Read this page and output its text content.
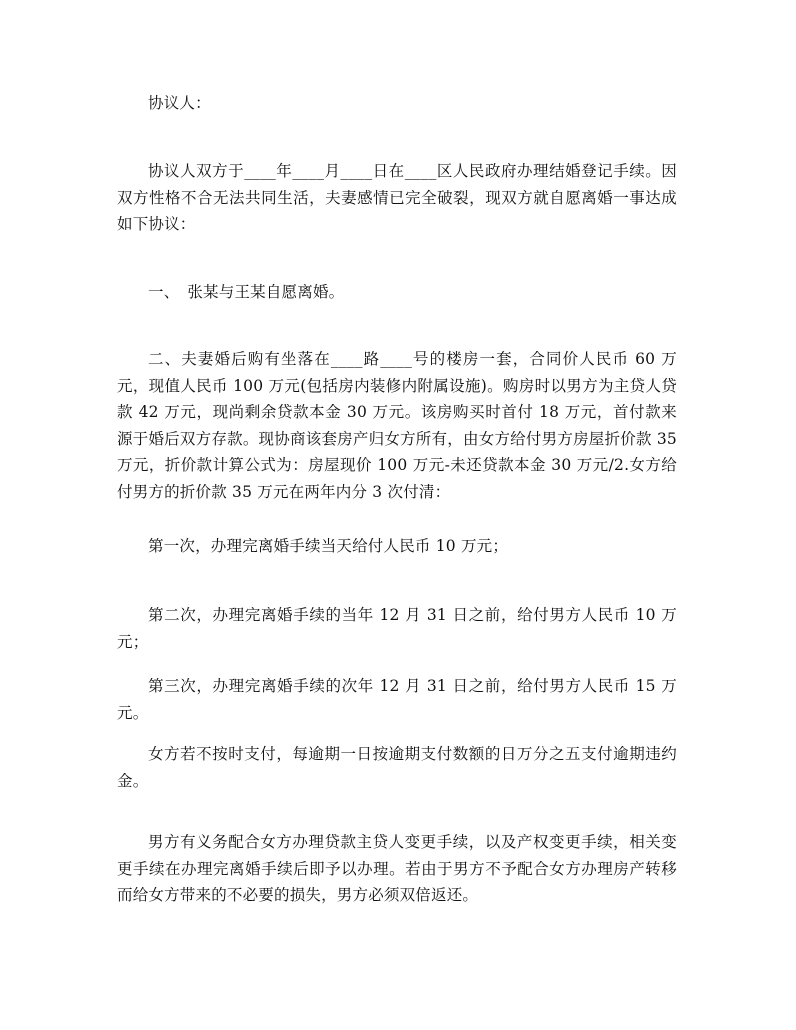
协议人：

协议人双方于____年____月____日在____区人民政府办理结婚登记手续。因双方性格不合无法共同生活，夫妻感情已完全破裂，现双方就自愿离婚一事达成如下协议：

一、　张某与王某自愿离婚。

二、夫妻婚后购有坐落在____路____号的楼房一套，合同价人民币 60 万元，现值人民币 100 万元(包括房内装修内附属设施)。购房时以男方为主贷人贷款 42 万元，现尚剩余贷款本金 30 万元。该房购买时首付 18 万元，首付款来源于婚后双方存款。现协商该套房产归女方所有，由女方给付男方房屋折价款 35 万元，折价款计算公式为：房屋现价 100 万元-未还贷款本金 30 万元/2.女方给付男方的折价款 35 万元在两年内分 3 次付清：

第一次，办理完离婚手续当天给付人民币 10 万元；

第二次，办理完离婚手续的当年 12 月 31 日之前，给付男方人民币 10 万元；

第三次，办理完离婚手续的次年 12 月 31 日之前，给付男方人民币 15 万元。

女方若不按时支付，每逾期一日按逾期支付数额的日万分之五支付逾期违约金。

男方有义务配合女方办理贷款主贷人变更手续，以及产权变更手续，相关变更手续在办理完离婚手续后即予以办理。若由于男方不予配合女方办理房产转移而给女方带来的不必要的损失，男方必须双倍返还。
